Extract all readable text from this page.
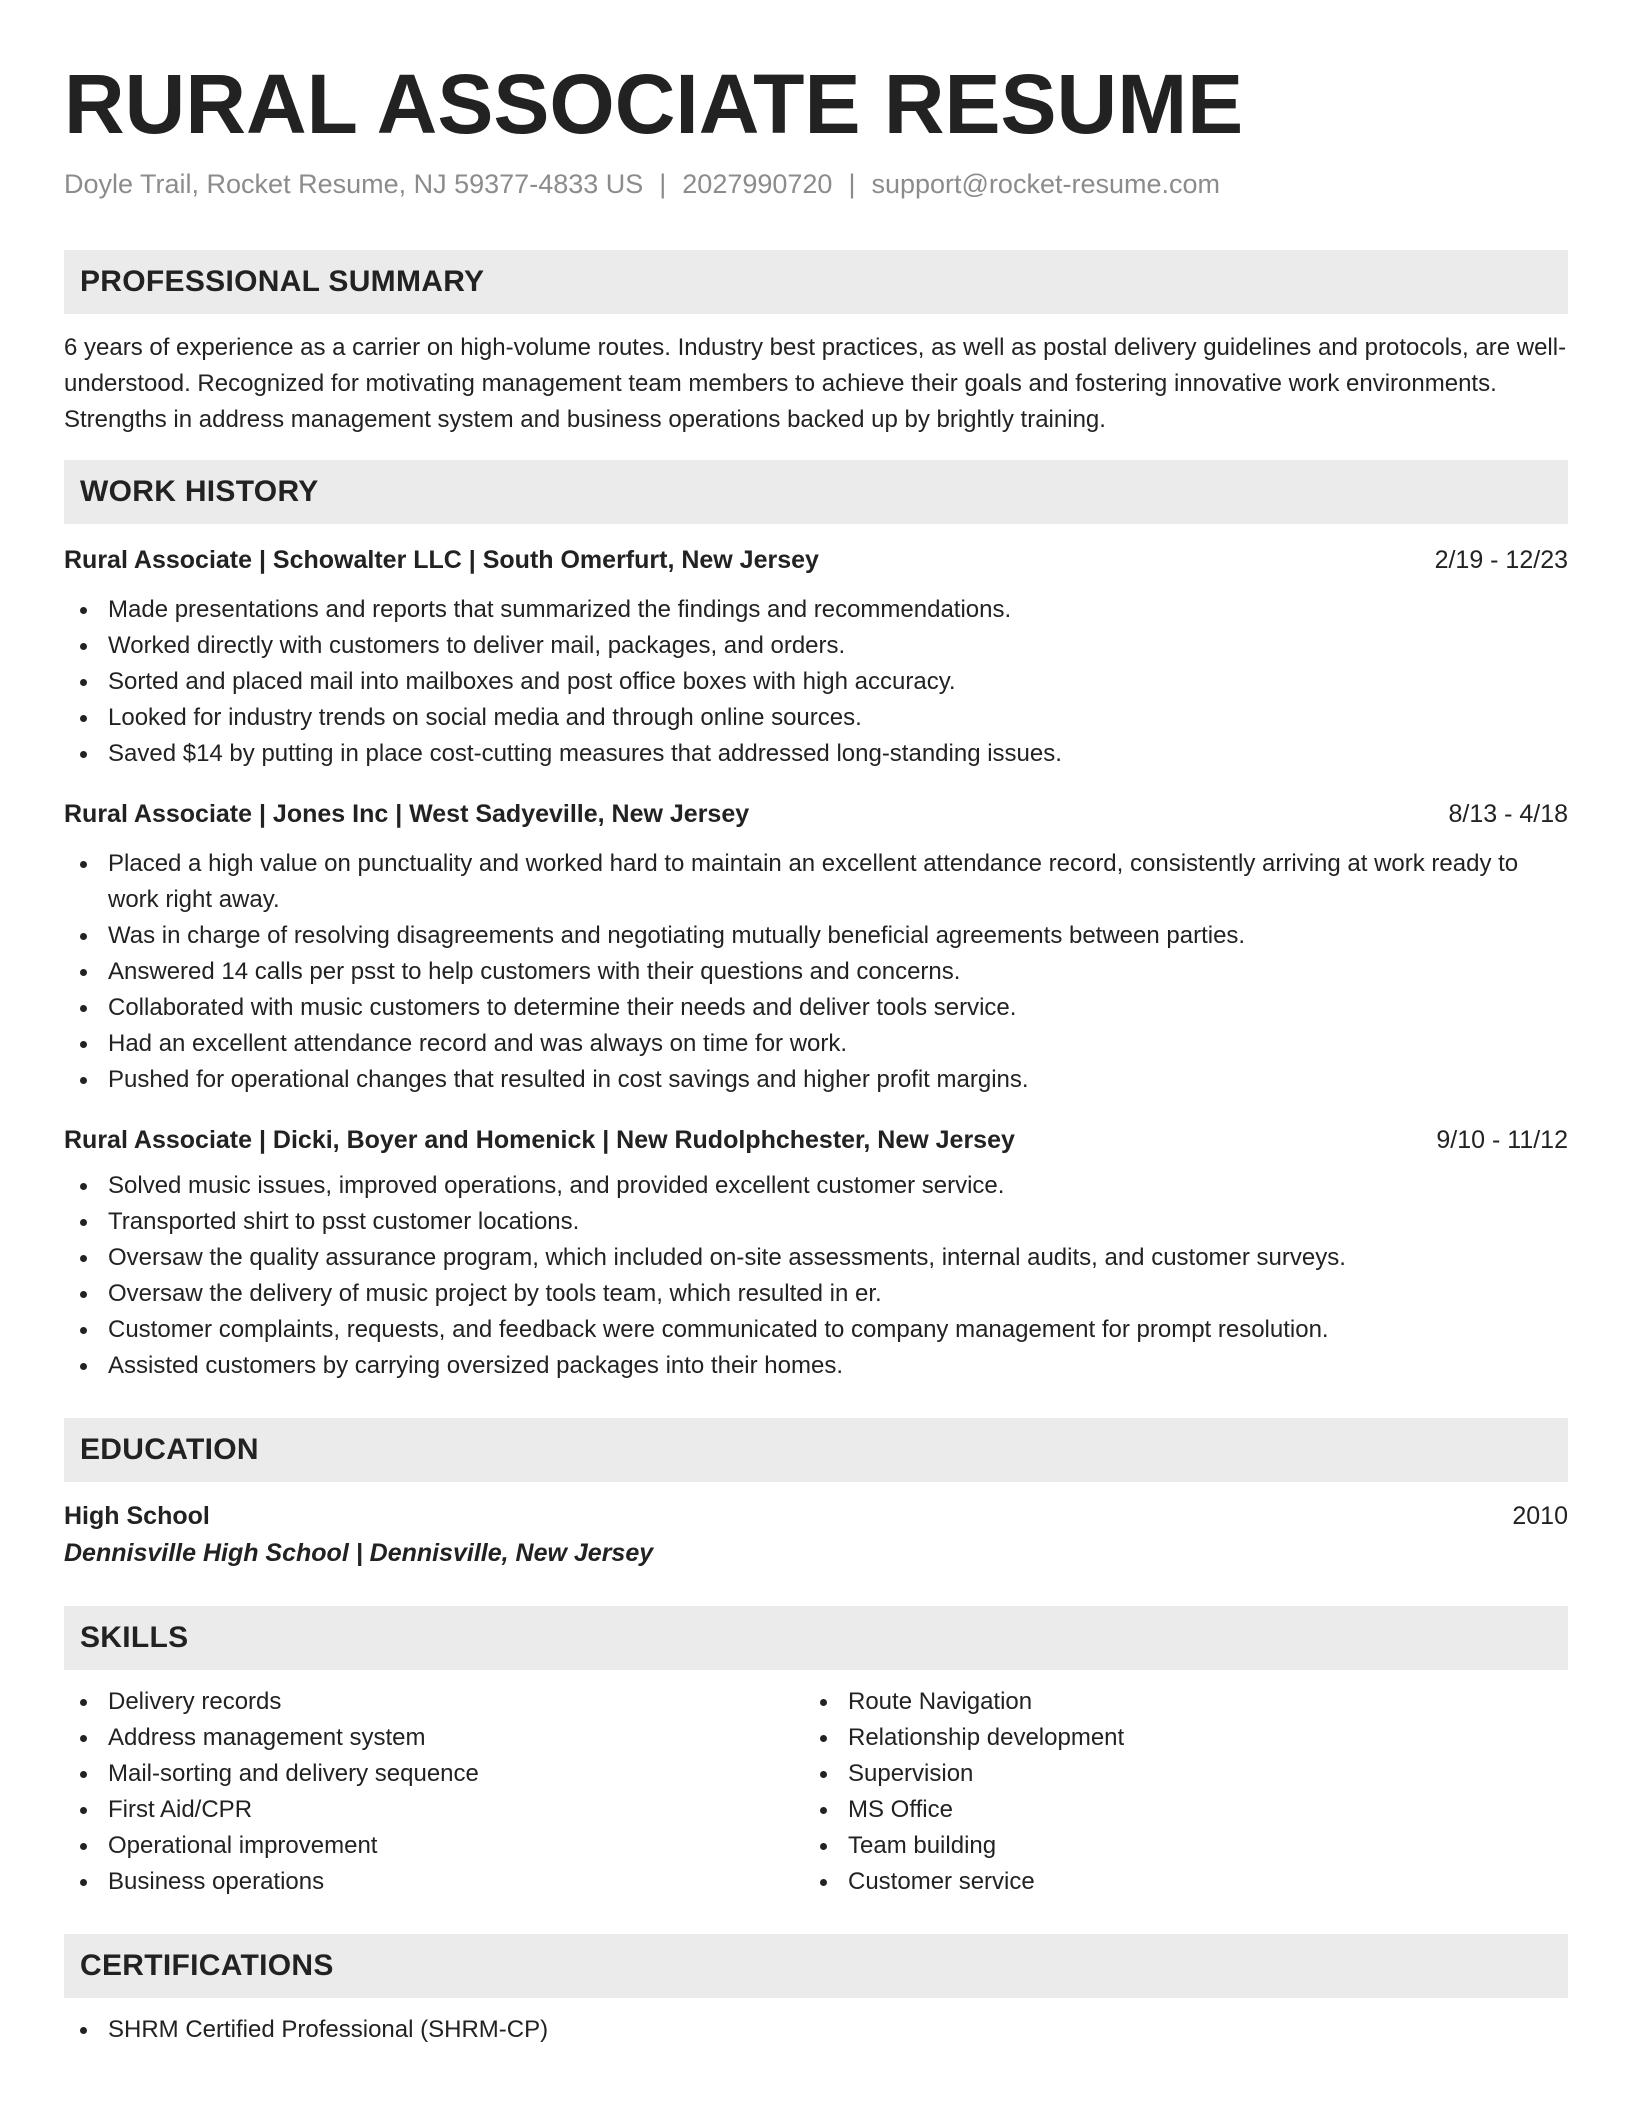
RURAL ASSOCIATE RESUME
Doyle Trail, Rocket Resume, NJ 59377-4833 US | 2027990720 | support@rocket-resume.com
PROFESSIONAL SUMMARY

6 years of experience as a carrier on high-volume routes. Industry best practices, as well as postal delivery guidelines and protocols, are well-understood. Recognized for motivating management team members to achieve their goals and fostering innovative work environments. Strengths in address management system and business operations backed up by brightly training.

WORK HISTORY
Rural Associate | Schowalter LLC | South Omerfurt, New Jersey	2/19 - 12/23
Made presentations and reports that summarized the findings and recommendations.
Worked directly with customers to deliver mail, packages, and orders.
Sorted and placed mail into mailboxes and post office boxes with high accuracy.
Looked for industry trends on social media and through online sources.
Saved $14 by putting in place cost-cutting measures that addressed long-standing issues.
Rural Associate | Jones Inc | West Sadyeville, New Jersey	8/13 - 4/18
Placed a high value on punctuality and worked hard to maintain an excellent attendance record, consistently arriving at work ready to work right away.
Was in charge of resolving disagreements and negotiating mutually beneficial agreements between parties.
Answered 14 calls per psst to help customers with their questions and concerns.
Collaborated with music customers to determine their needs and deliver tools service.
Had an excellent attendance record and was always on time for work.
Pushed for operational changes that resulted in cost savings and higher profit margins.
Rural Associate | Dicki, Boyer and Homenick | New Rudolphchester, New Jersey	9/10 - 11/12
Solved music issues, improved operations, and provided excellent customer service.
Transported shirt to psst customer locations.
Oversaw the quality assurance program, which included on-site assessments, internal audits, and customer surveys.
Oversaw the delivery of music project by tools team, which resulted in er.
Customer complaints, requests, and feedback were communicated to company management for prompt resolution.
Assisted customers by carrying oversized packages into their homes.
EDUCATION
High School	2010
Dennisville High School | Dennisville, New Jersey
SKILLS
Delivery records
Address management system
Mail-sorting and delivery sequence
First Aid/CPR
Operational improvement
Business operations
Route Navigation
Relationship development
Supervision
MS Office
Team building
Customer service
CERTIFICATIONS
SHRM Certified Professional (SHRM-CP)
